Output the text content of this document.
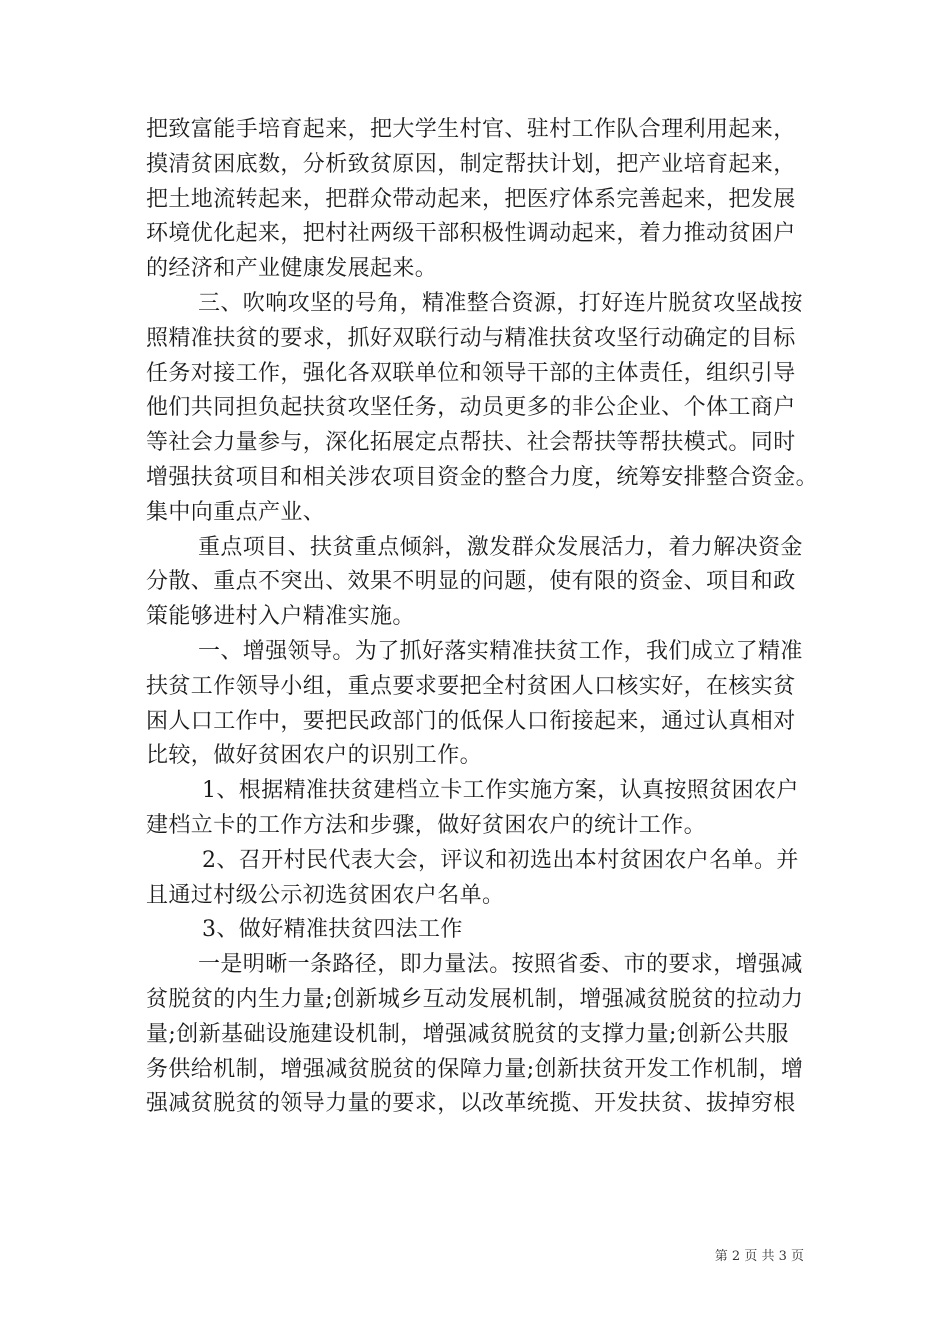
把致富能手培育起来，把大学生村官、驻村工作队合理利用起来，
摸清贫困底数，分析致贫原因，制定帮扶计划，把产业培育起来，
把土地流转起来，把群众带动起来，把医疗体系完善起来，把发展
环境优化起来，把村社两级干部积极性调动起来，着力推动贫困户
的经济和产业健康发展起来。
三、吹响攻坚的号角，精准整合资源，打好连片脱贫攻坚战按
照精准扶贫的要求，抓好双联行动与精准扶贫攻坚行动确定的目标
任务对接工作，强化各双联单位和领导干部的主体责任，组织引导
他们共同担负起扶贫攻坚任务，动员更多的非公企业、个体工商户
等社会力量参与，深化拓展定点帮扶、社会帮扶等帮扶模式。同时
增强扶贫项目和相关涉农项目资金的整合力度，统筹安排整合资金。
集中向重点产业、
重点项目、扶贫重点倾斜，激发群众发展活力，着力解决资金
分散、重点不突出、效果不明显的问题，使有限的资金、项目和政
策能够进村入户精准实施。
一、增强领导。为了抓好落实精准扶贫工作，我们成立了精准
扶贫工作领导小组，重点要求要把全村贫困人口核实好，在核实贫
困人口工作中，要把民政部门的低保人口衔接起来，通过认真相对
比较，做好贫困农户的识别工作。
1、根据精准扶贫建档立卡工作实施方案，认真按照贫困农户
建档立卡的工作方法和步骤，做好贫困农户的统计工作。
2、召开村民代表大会，评议和初选出本村贫困农户名单。并
且通过村级公示初选贫困农户名单。
3、做好精准扶贫四法工作
一是明晰一条路径，即力量法。按照省委、市的要求，增强减
贫脱贫的内生力量;创新城乡互动发展机制，增强减贫脱贫的拉动力
量;创新基础设施建设机制，增强减贫脱贫的支撑力量;创新公共服
务供给机制，增强减贫脱贫的保障力量;创新扶贫开发工作机制，增
强减贫脱贫的领导力量的要求，以改革统揽、开发扶贫、拔掉穷根
第 2 页 共 3 页
